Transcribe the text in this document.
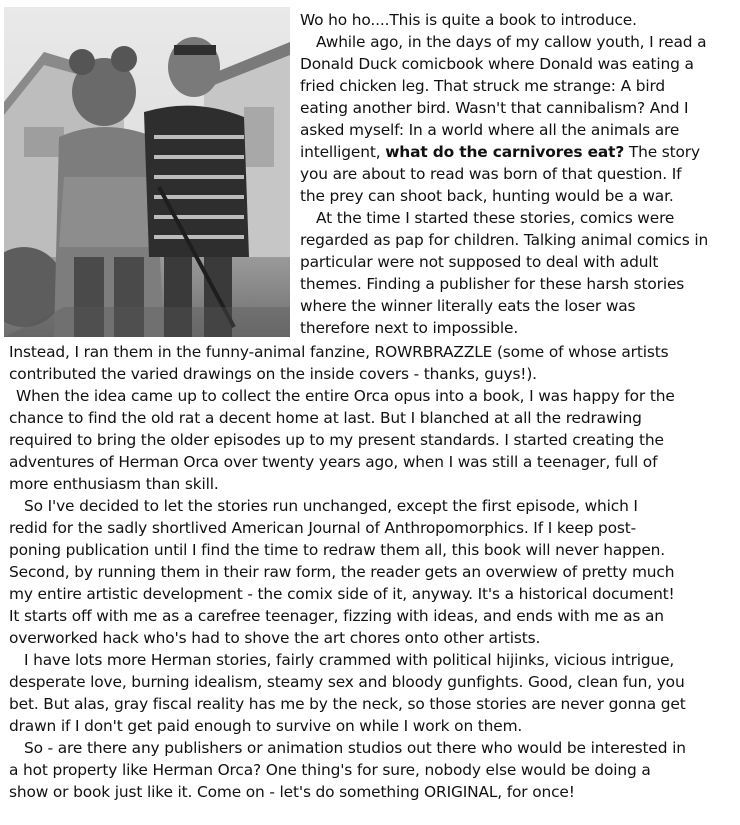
Wo ho ho....This is quite a book to introduce.
Awhile ago, in the days of my callow youth, I read a
Donald Duck comicbook where Donald was eating a
fried chicken leg. That struck me strange: A bird
eating another bird. Wasn't that cannibalism? And I
asked myself: In a world where all the animals are
intelligent, what do the carnivores eat? The story
you are about to read was born of that question. If
the prey can shoot back, hunting would be a war.
At the time I started these stories, comics were
regarded as pap for children. Talking animal comics in
particular were not supposed to deal with adult
themes. Finding a publisher for these harsh stories
where the winner literally eats the loser was
therefore next to impossible.
Instead, I ran them in the funny-animal fanzine, ROWRBRAZZLE (some of whose artists
contributed the varied drawings on the inside covers - thanks, guys!).
When the idea came up to collect the entire Orca opus into a book, I was happy for the
chance to find the old rat a decent home at last. But I blanched at all the redrawing
required to bring the older episodes up to my present standards. I started creating the
adventures of Herman Orca over twenty years ago, when I was still a teenager, full of
more enthusiasm than skill.
So I've decided to let the stories run unchanged, except the first episode, which I
redid for the sadly shortlived American Journal of Anthropomorphics. If I keep post-
poning publication until I find the time to redraw them all, this book will never happen.
Second, by running them in their raw form, the reader gets an overwiew of pretty much
my entire artistic development - the comix side of it, anyway. It's a historical document!
It starts off with me as a carefree teenager, fizzing with ideas, and ends with me as an
overworked hack who's had to shove the art chores onto other artists.
I have lots more Herman stories, fairly crammed with political hijinks, vicious intrigue,
desperate love, burning idealism, steamy sex and bloody gunfights. Good, clean fun, you
bet. But alas, gray fiscal reality has me by the neck, so those stories are never gonna get
drawn if I don't get paid enough to survive on while I work on them.
So - are there any publishers or animation studios out there who would be interested in
a hot property like Herman Orca? One thing's for sure, nobody else would be doing a
show or book just like it. Come on - let's do something ORIGINAL, for once!
